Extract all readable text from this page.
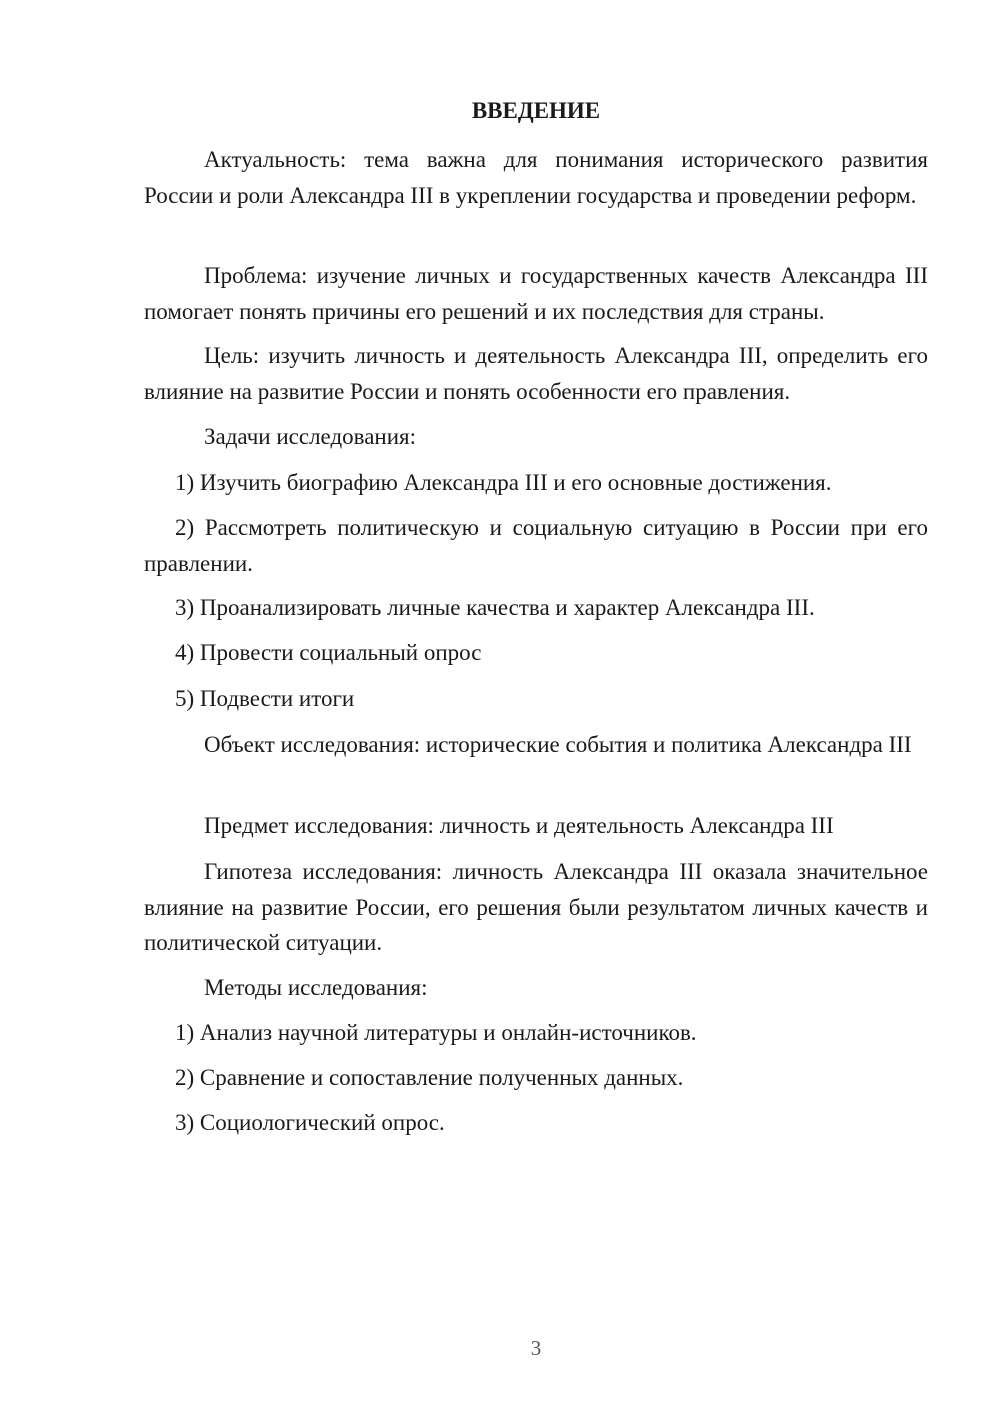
ВВЕДЕНИЕ

Актуальность: тема важна для понимания исторического развития России и роли Александра III в укреплении государства и проведении реформ.

Проблема: изучение личных и государственных качеств Александра III помогает понять причины его решений и их последствия для страны.

Цель: изучить личность и деятельность Александра III, определить его влияние на развитие России и понять особенности его правления.

Задачи исследования:

1) Изучить биографию Александра III и его основные достижения.

2) Рассмотреть политическую и социальную ситуацию в России при его правлении.

3) Проанализировать личные качества и характер Александра III.

4) Провести социальный опрос

5) Подвести итоги

Объект исследования: исторические события и политика Александра III

Предмет исследования: личность и деятельность Александра III

Гипотеза исследования: личность Александра III оказала значительное влияние на развитие России, его решения были результатом личных качеств и политической ситуации.

Методы исследования:

1) Анализ научной литературы и онлайн-источников.

2) Сравнение и сопоставление полученных данных.

3) Социологический опрос.

3
